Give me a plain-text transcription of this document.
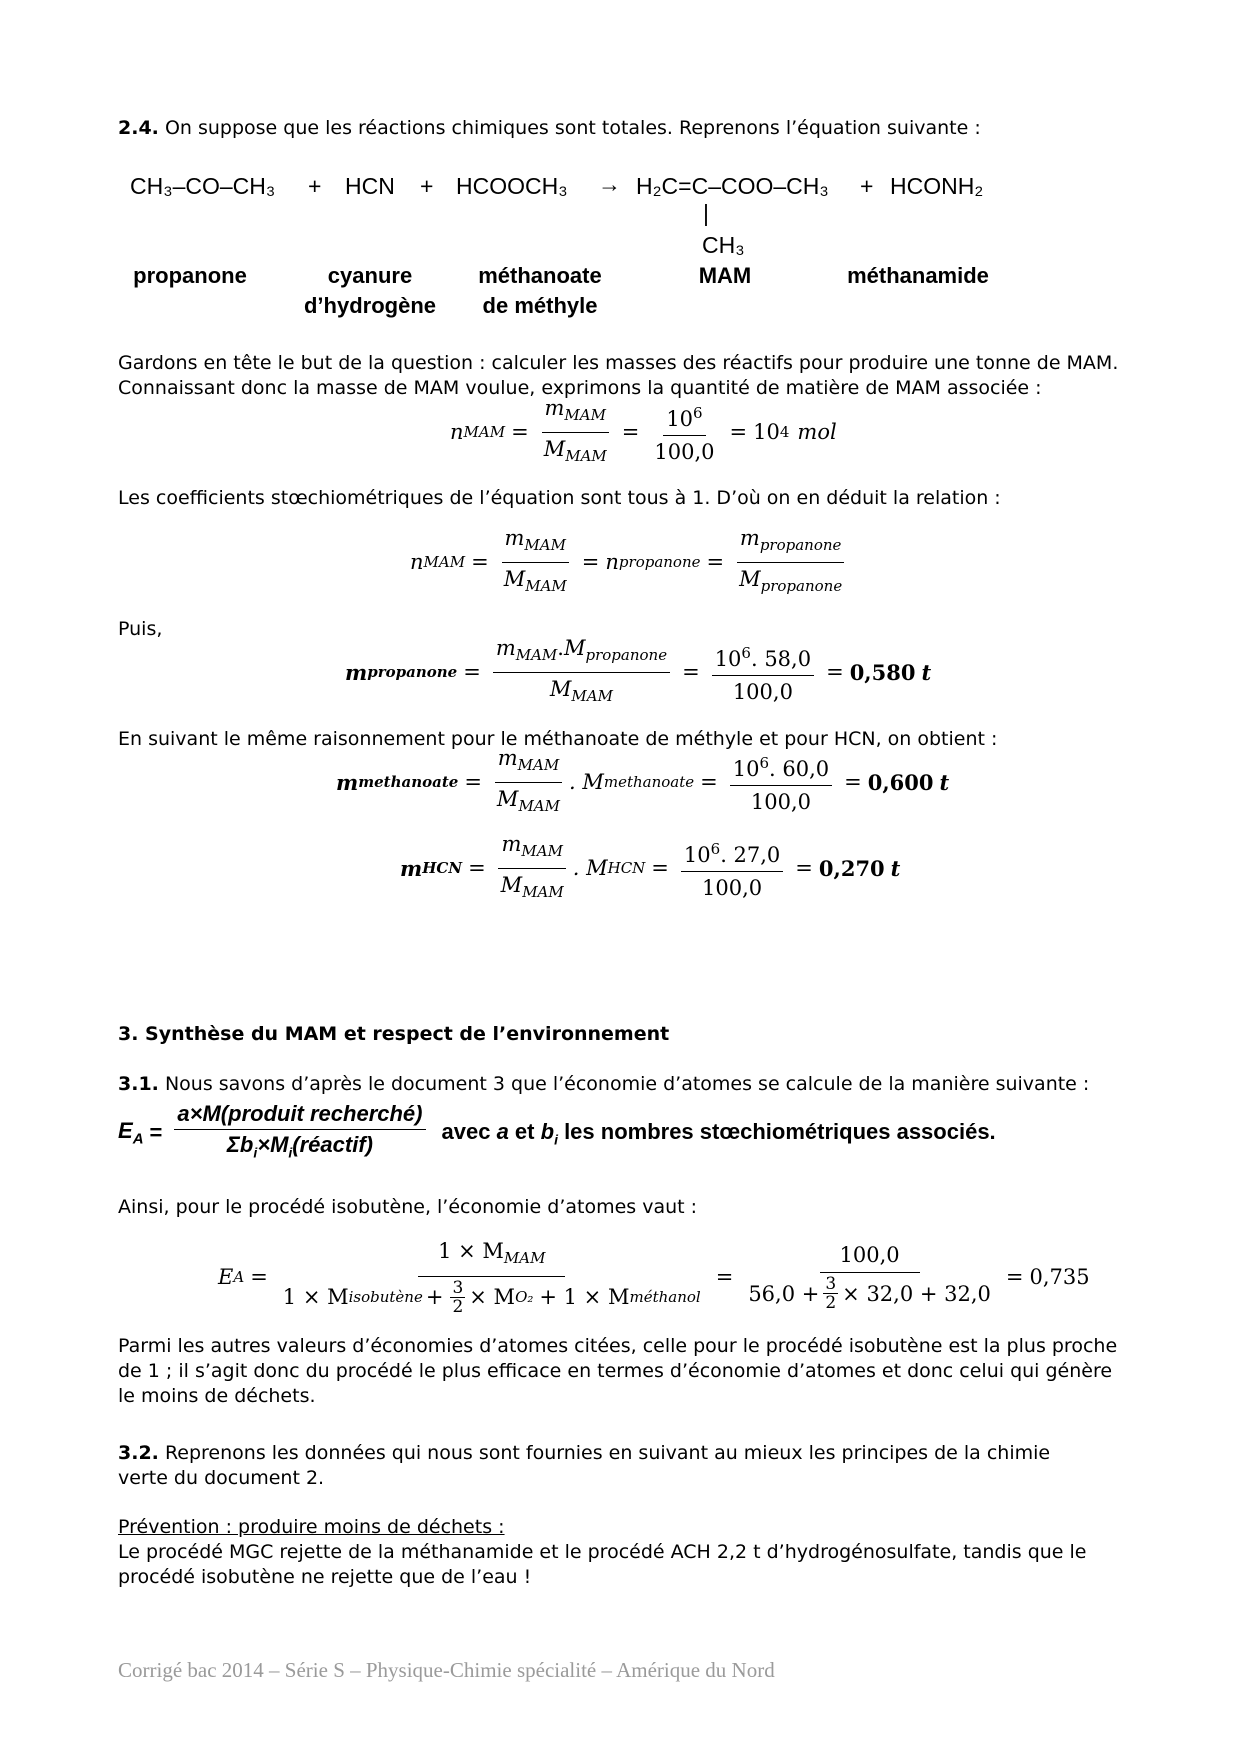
2.4. On suppose que les réactions chimiques sont totales. Reprenons l’équation suivante :
CH₃–CO–CH₃ + HCN + HCOOCH₃ → H₂C=C–COO–CH₃
|
CH₃
+ HCONH₂
propanone	cyanure
d’hydrogène
méthanoate
de méthyle
MAM	méthanamide
Gardons en tête le but de la question : calculer les masses des réactifs pour produire une tonne de MAM.
Connaissant donc la masse de MAM voulue, exprimons la quantité de matière de MAM associée :
n MAM = $\frac{m_{MAM}}{M_{MAM}} = \frac{10^6}{100,0} = 10$ 4 mol
Les coefficients stœchiométriques de l’équation sont tous à 1. D’où on en déduit la relation :
n MAM = $\frac{m_{MAM}}{M_{MAM}} = n$ propanone = $\frac{m_{propanone}}{M_{propanone}}$
Puis,
m propanone = $\frac{m_{MAM}.M_{propanone}}{M_{MAM}} = \frac{10^6. 58,0}{100,0} = 0,580$ t
En suivant le même raisonnement pour le méthanoate de méthyle et pour HCN, on obtient :
m methanoate = $\frac{m_{MAM}}{M_{MAM}}$ . M methanoate = $\frac{10^6. 60,0}{100,0} = 0,600$ t
m HCN = $\frac{m_{MAM}}{M_{MAM}}$ . M HCN = $\frac{10^6. 27,0}{100,0} = 0,270$ t
3. Synthèse du MAM et respect de l’environnement
3.1. Nous savons d’après le document 3 que l’économie d’atomes se calcule de la manière suivante :
$E_A = \frac{\text{a×M(produit recherché)}}{\Sigma b_i\times M_i(réactif)}$ avec a et $b_i$ les nombres stœchiométriques associés.
Ainsi, pour le procédé isobutène, l’économie d’atomes vaut :
E A =
$1 \times M_{MAM}$
1 × M isobutène + $\frac{3}{2} \times M$ O₂ + 1 × M méthanol
= $\frac{100,0}{56,0 + \frac{3}{2} \times 32,0 + 32,0} = 0,735$
Parmi les autres valeurs d’économies d’atomes citées, celle pour le procédé isobutène est la plus proche
de 1 ; il s’agit donc du procédé le plus efficace en termes d’économie d’atomes et donc celui qui génère
le moins de déchets.
3.2. Reprenons les données qui nous sont fournies en suivant au mieux les principes de la chimie
verte du document 2.
Prévention : produire moins de déchets :
Le procédé MGC rejette de la méthanamide et le procédé ACH 2,2 t d’hydrogénosulfate, tandis que le
procédé isobutène ne rejette que de l’eau !
Corrigé bac 2014 – Série S – Physique-Chimie spécialité – Amérique du Nord
